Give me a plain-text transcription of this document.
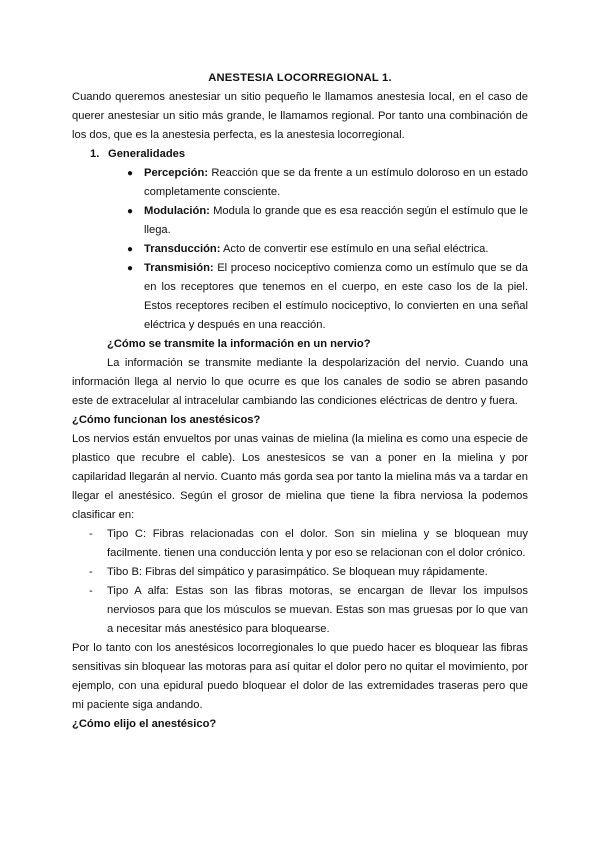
ANESTESIA LOCORREGIONAL 1.

Cuando queremos anestesiar un sitio pequeño le llamamos anestesia local, en el caso de querer anestesiar un sitio más grande, le llamamos regional. Por tanto una combinación de los dos, que es la anestesia perfecta, es la anestesia locorregional.

1. Generalidades
● Percepción: Reacción que se da frente a un estímulo doloroso en un estado completamente consciente.
● Modulación: Modula lo grande que es esa reacción según el estímulo que le llega.
● Transducción: Acto de convertir ese estímulo en una señal eléctrica.
● Transmisión: El proceso nociceptivo comienza como un estímulo que se da en los receptores que tenemos en el cuerpo, en este caso los de la piel. Estos receptores reciben el estímulo nociceptivo, lo convierten en una señal eléctrica y después en una reacción.

¿Cómo se transmite la información en un nervio?

La información se transmite mediante la despolarización del nervio. Cuando una información llega al nervio lo que ocurre es que los canales de sodio se abren pasando este de extracelular al intracelular cambiando las condiciones eléctricas de dentro y fuera.

¿Cómo funcionan los anestésicos?

Los nervios están envueltos por unas vainas de mielina (la mielina es como una especie de plastico que recubre el cable). Los anestesicos se van a poner en la mielina y por capilaridad llegarán al nervio. Cuanto más gorda sea por tanto la mielina más va a tardar en llegar el anestésico. Según el grosor de mielina que tiene la fibra nerviosa la podemos clasificar en:

- Tipo C: Fibras relacionadas con el dolor. Son sin mielina y se bloquean muy facilmente. tienen una conducción lenta y por eso se relacionan con el dolor crónico.
- Tibo B: Fibras del simpático y parasimpático. Se bloquean muy rápidamente.
- Tipo A alfa: Estas son las fibras motoras, se encargan de llevar los impulsos nerviosos para que los músculos se muevan. Estas son mas gruesas por lo que van a necesitar más anestésico para bloquearse.

Por lo tanto con los anestésicos locorregionales lo que puedo hacer es bloquear las fibras sensitivas sin bloquear las motoras para así quitar el dolor pero no quitar el movimiento, por ejemplo, con una epidural puedo bloquear el dolor de las extremidades traseras pero que mi paciente siga andando.

¿Cómo elijo el anestésico?
